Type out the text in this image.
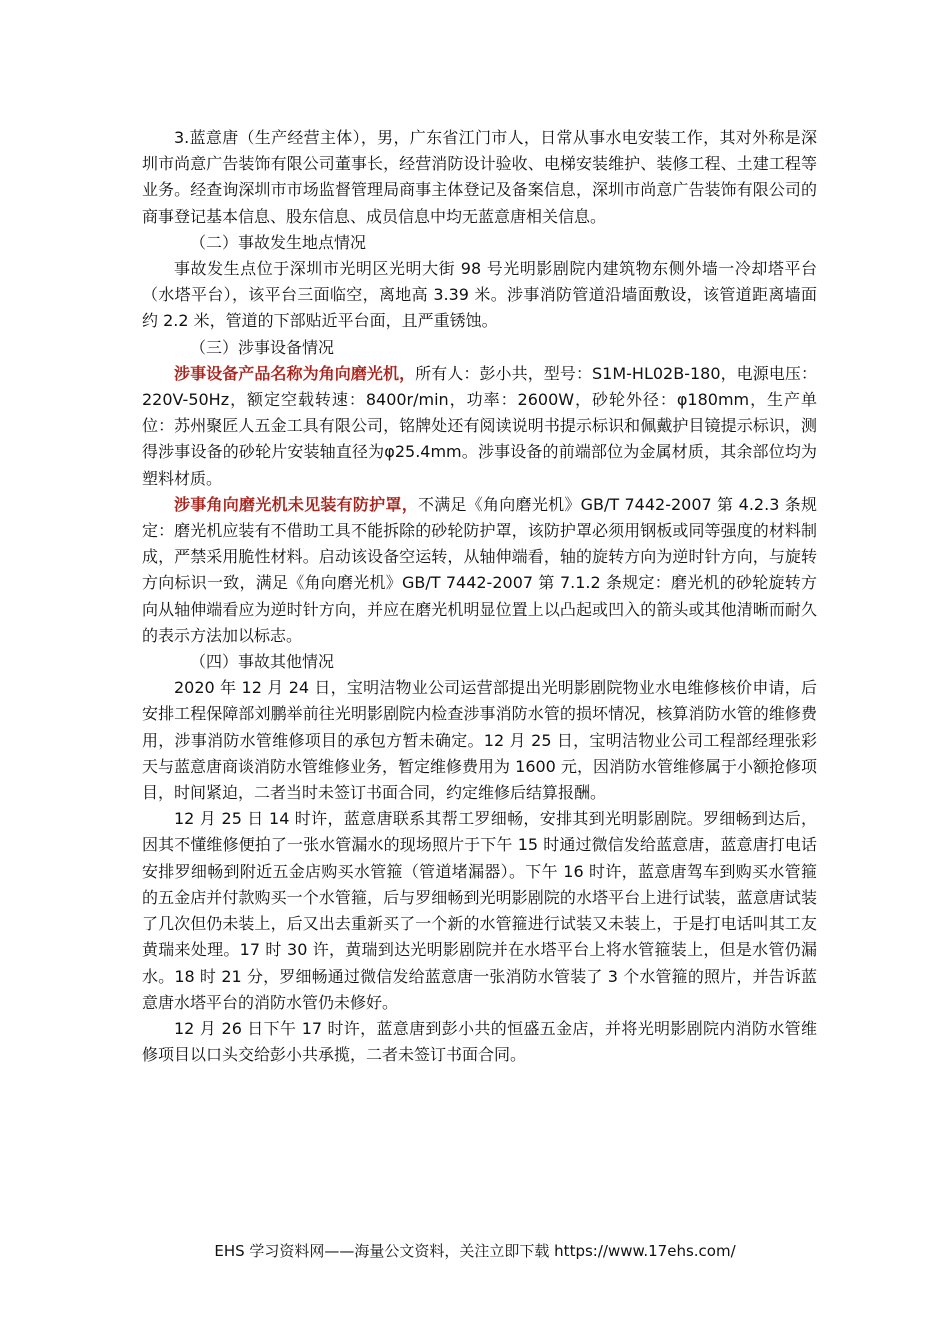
3.蓝意唐（生产经营主体），男，广东省江门市人，日常从事水电安装工作，其对外称是深圳市尚意广告装饰有限公司董事长，经营消防设计验收、电梯安装维护、装修工程、土建工程等业务。经查询深圳市市场监督管理局商事主体登记及备案信息，深圳市尚意广告装饰有限公司的商事登记基本信息、股东信息、成员信息中均无蓝意唐相关信息。

（二）事故发生地点情况

事故发生点位于深圳市光明区光明大街 98 号光明影剧院内建筑物东侧外墙一冷却塔平台（水塔平台），该平台三面临空，离地高 3.39 米。涉事消防管道沿墙面敷设，该管道距离墙面约 2.2 米，管道的下部贴近平台面，且严重锈蚀。

（三）涉事设备情况

涉事设备产品名称为角向磨光机，所有人：彭小共，型号：S1M-HL02B-180，电源电压：220V-50Hz，额定空载转速：8400r/min，功率：2600W，砂轮外径：φ180mm，生产单位：苏州聚匠人五金工具有限公司，铭牌处还有阅读说明书提示标识和佩戴护目镜提示标识，测得涉事设备的砂轮片安装轴直径为φ25.4mm。涉事设备的前端部位为金属材质，其余部位均为塑料材质。

涉事角向磨光机未见装有防护罩，不满足《角向磨光机》GB/T 7442-2007 第 4.2.3 条规定：磨光机应装有不借助工具不能拆除的砂轮防护罩，该防护罩必须用钢板或同等强度的材料制成，严禁采用脆性材料。启动该设备空运转，从轴伸端看，轴的旋转方向为逆时针方向，与旋转方向标识一致，满足《角向磨光机》GB/T 7442-2007 第 7.1.2 条规定：磨光机的砂轮旋转方向从轴伸端看应为逆时针方向，并应在磨光机明显位置上以凸起或凹入的箭头或其他清晰而耐久的表示方法加以标志。

（四）事故其他情况

2020 年 12 月 24 日，宝明洁物业公司运营部提出光明影剧院物业水电维修核价申请，后安排工程保障部刘鹏举前往光明影剧院内检查涉事消防水管的损坏情况，核算消防水管的维修费用，涉事消防水管维修项目的承包方暂未确定。12 月 25 日，宝明洁物业公司工程部经理张彩天与蓝意唐商谈消防水管维修业务，暂定维修费用为 1600 元，因消防水管维修属于小额抢修项目，时间紧迫，二者当时未签订书面合同，约定维修后结算报酬。

12 月 25 日 14 时许，蓝意唐联系其帮工罗细畅，安排其到光明影剧院。罗细畅到达后，因其不懂维修便拍了一张水管漏水的现场照片于下午 15 时通过微信发给蓝意唐，蓝意唐打电话安排罗细畅到附近五金店购买水管箍（管道堵漏器）。下午 16 时许，蓝意唐驾车到购买水管箍的五金店并付款购买一个水管箍，后与罗细畅到光明影剧院的水塔平台上进行试装，蓝意唐试装了几次但仍未装上，后又出去重新买了一个新的水管箍进行试装又未装上，于是打电话叫其工友黄瑞来处理。17 时 30 许，黄瑞到达光明影剧院并在水塔平台上将水管箍装上，但是水管仍漏水。18 时 21 分，罗细畅通过微信发给蓝意唐一张消防水管装了 3 个水管箍的照片，并告诉蓝意唐水塔平台的消防水管仍未修好。

12 月 26 日下午 17 时许，蓝意唐到彭小共的恒盛五金店，并将光明影剧院内消防水管维修项目以口头交给彭小共承揽，二者未签订书面合同。

EHS 学习资料网——海量公文资料，关注立即下载 https://www.17ehs.com/
